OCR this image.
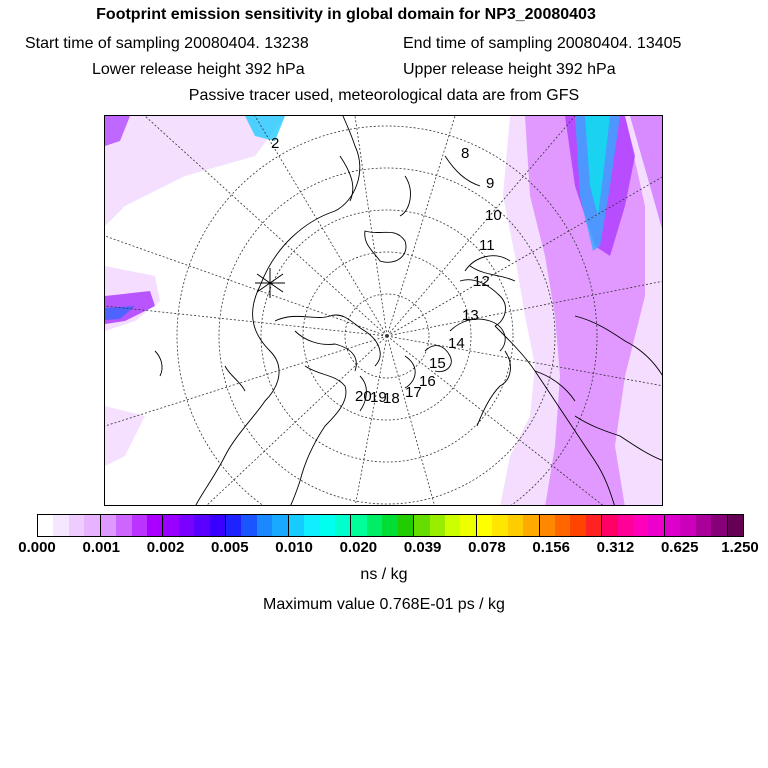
Footprint emission sensitivity in global domain for NP3_20080403
Start time of sampling 20080404. 13238	End time of sampling 20080404. 13405
Lower release height 392 hPa	Upper release height 392 hPa
Passive tracer used, meteorological data are from GFS
2
8
9
10
11
12
13
14
15
16
17
18
19
20
0.000 0.001 0.002 0.005 0.010 0.020 0.039 0.078 0.156 0.312 0.625 1.250
ns / kg
Maximum value 0.768E-01 ps / kg
